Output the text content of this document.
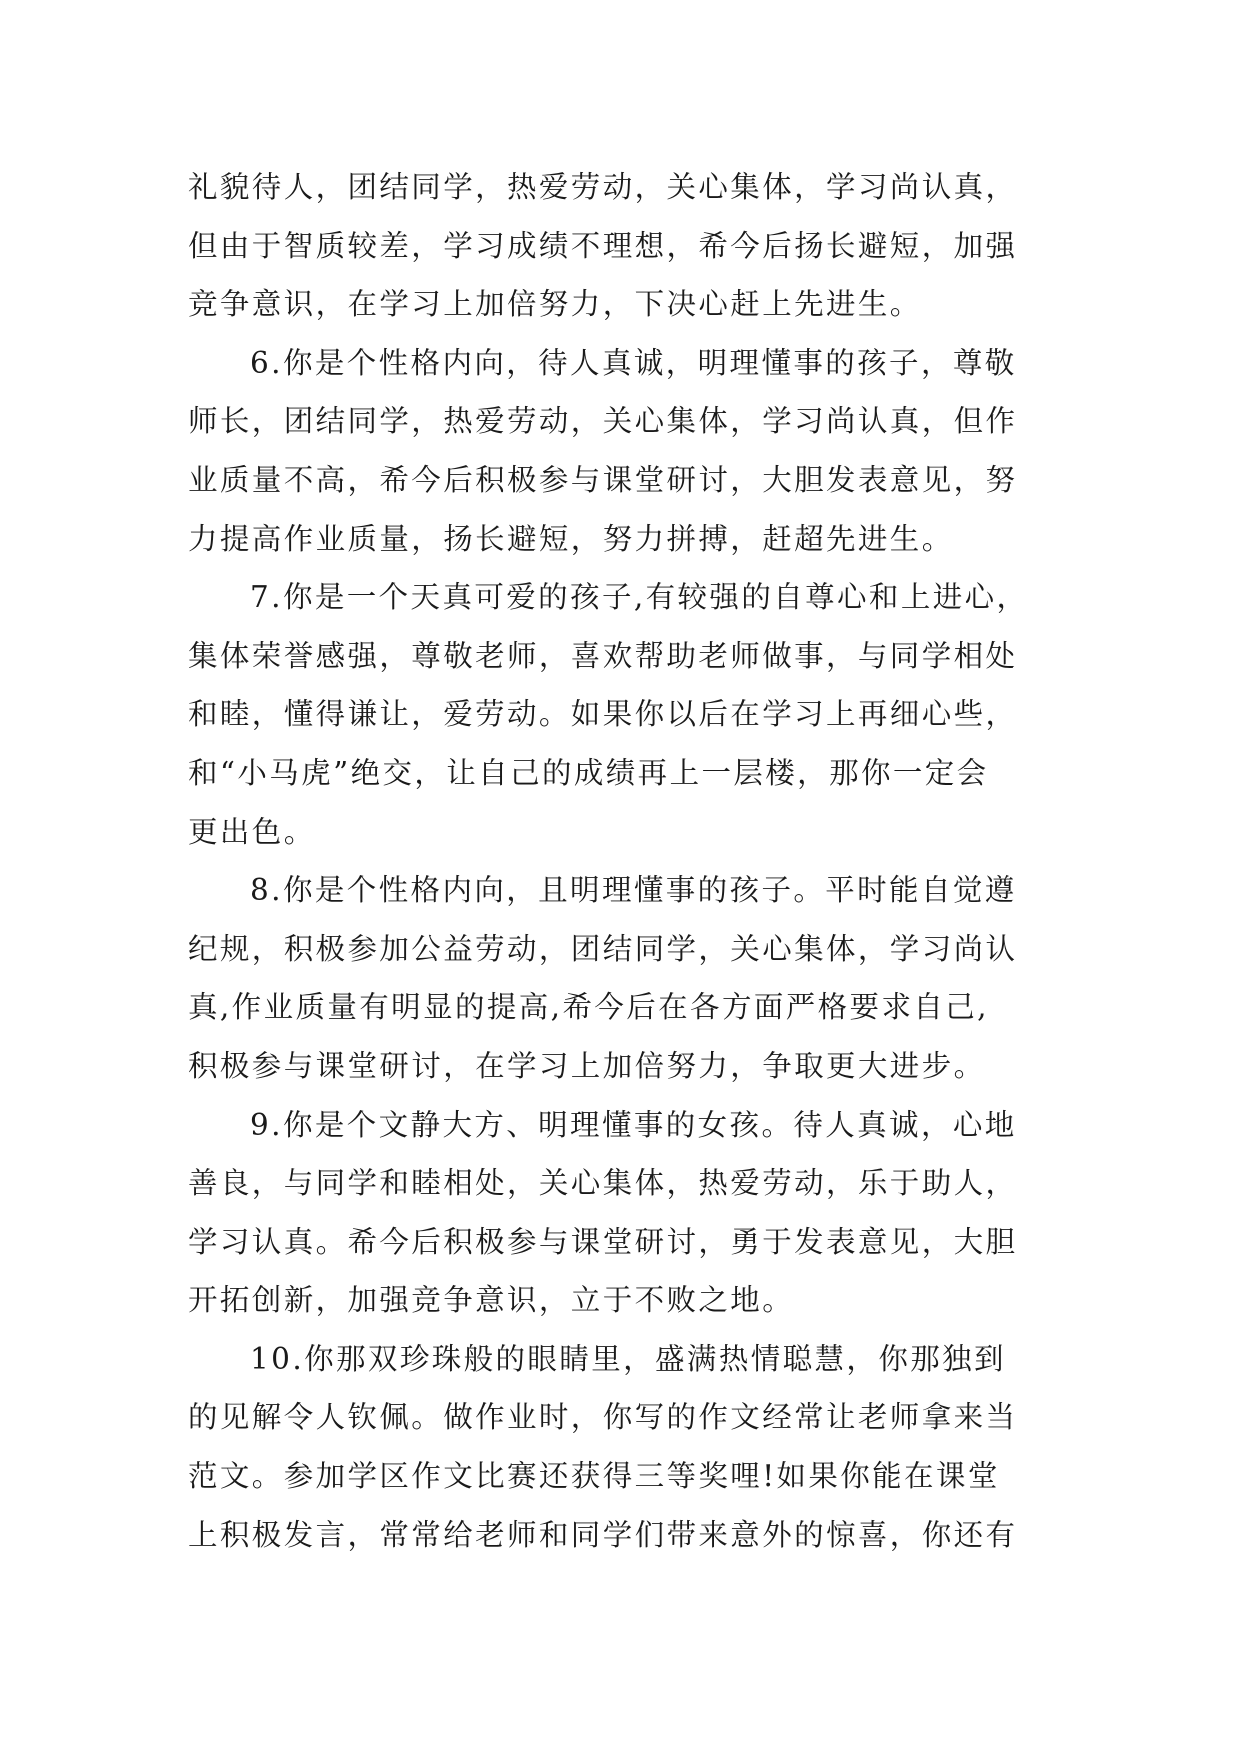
礼貌待人，团结同学，热爱劳动，关心集体，学习尚认真，
但由于智质较差，学习成绩不理想，希今后扬长避短，加强
竞争意识，在学习上加倍努力，下决心赶上先进生。
6.你是个性格内向，待人真诚，明理懂事的孩子，尊敬
师长，团结同学，热爱劳动，关心集体，学习尚认真，但作
业质量不高，希今后积极参与课堂研讨，大胆发表意见，努
力提高作业质量，扬长避短，努力拼搏，赶超先进生。
7.你是一个天真可爱的孩子,有较强的自尊心和上进心，
集体荣誉感强，尊敬老师，喜欢帮助老师做事，与同学相处
和睦，懂得谦让，爱劳动。如果你以后在学习上再细心些，
和“小马虎”绝交，让自己的成绩再上一层楼，那你一定会
更出色。
8.你是个性格内向，且明理懂事的孩子。平时能自觉遵
纪规，积极参加公益劳动，团结同学，关心集体，学习尚认
真,作业质量有明显的提高,希今后在各方面严格要求自己,
积极参与课堂研讨，在学习上加倍努力，争取更大进步。
9.你是个文静大方、明理懂事的女孩。待人真诚，心地
善良，与同学和睦相处，关心集体，热爱劳动，乐于助人，
学习认真。希今后积极参与课堂研讨，勇于发表意见，大胆
开拓创新，加强竞争意识，立于不败之地。
10.你那双珍珠般的眼睛里，盛满热情聪慧，你那独到
的见解令人钦佩。做作业时，你写的作文经常让老师拿来当
范文。参加学区作文比赛还获得三等奖哩!如果你能在课堂
上积极发言，常常给老师和同学们带来意外的惊喜，你还有
